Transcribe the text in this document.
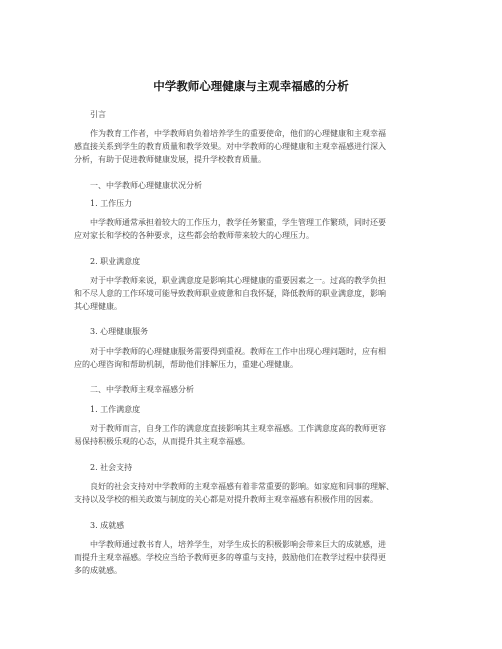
中学教师心理健康与主观幸福感的分析
引言
作为教育工作者，中学教师肩负着培养学生的重要使命，他们的心理健康和主观幸福
感直接关系到学生的教育质量和教学效果。对中学教师的心理健康和主观幸福感进行深入
分析，有助于促进教师健康发展，提升学校教育质量。
一、中学教师心理健康状况分析
1. 工作压力
中学教师通常承担着较大的工作压力，教学任务繁重，学生管理工作繁琐，同时还要
应对家长和学校的各种要求，这些都会给教师带来较大的心理压力。
2. 职业满意度
对于中学教师来说，职业满意度是影响其心理健康的重要因素之一。过高的教学负担
和不尽人意的工作环境可能导致教师职业疲惫和自我怀疑，降低教师的职业满意度，影响
其心理健康。
3. 心理健康服务
对于中学教师的心理健康服务需要得到重视。教师在工作中出现心理问题时，应有相
应的心理咨询和帮助机制，帮助他们排解压力，重建心理健康。
二、中学教师主观幸福感分析
1. 工作满意度
对于教师而言，自身工作的满意度直接影响其主观幸福感。工作满意度高的教师更容
易保持积极乐观的心态，从而提升其主观幸福感。
2. 社会支持
良好的社会支持对中学教师的主观幸福感有着非常重要的影响。如家庭和同事的理解、
支持以及学校的相关政策与制度的关心都是对提升教师主观幸福感有积极作用的因素。
3. 成就感
中学教师通过教书育人，培养学生，对学生成长的积极影响会带来巨大的成就感，进
而提升主观幸福感。学校应当给予教师更多的尊重与支持，鼓励他们在教学过程中获得更
多的成就感。
